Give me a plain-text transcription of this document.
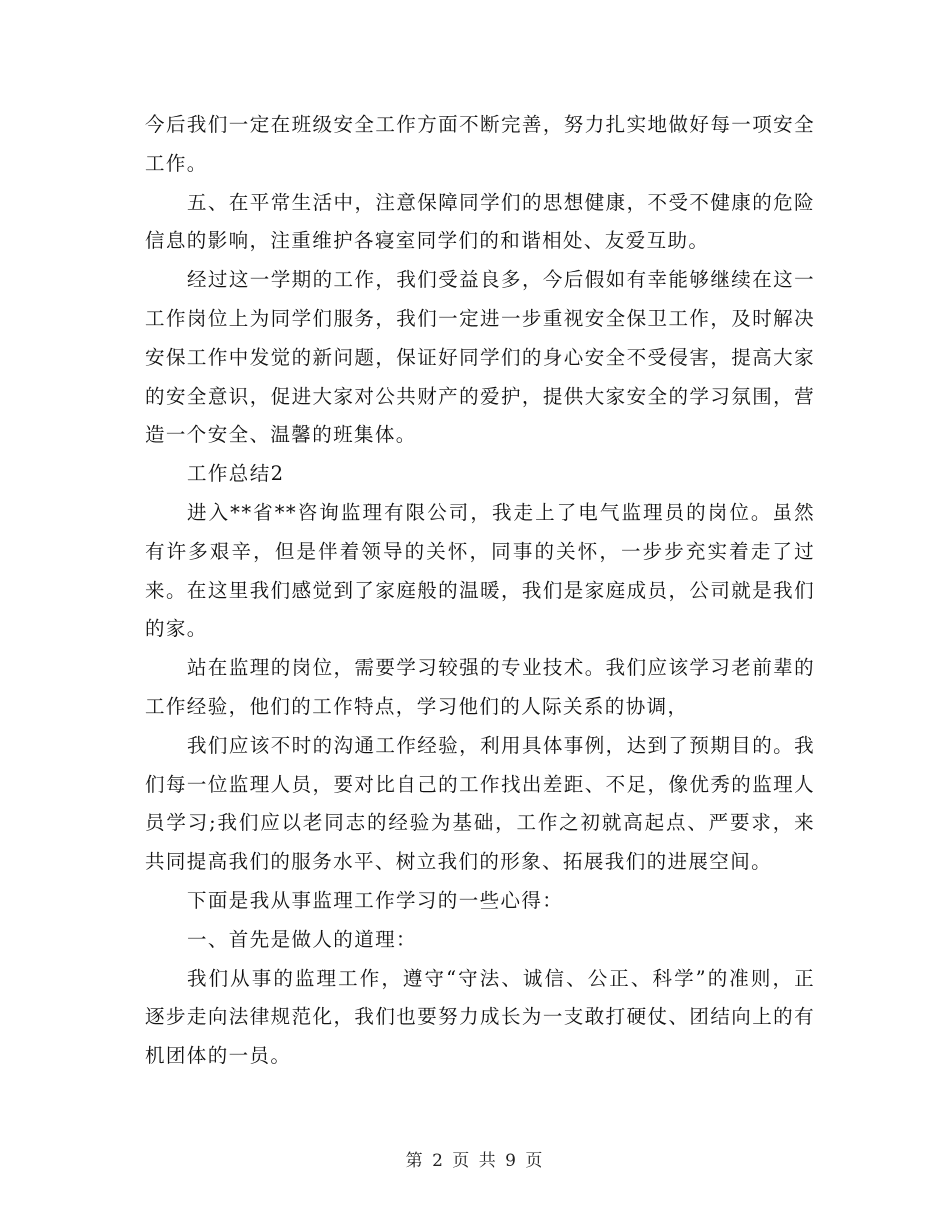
今后我们一定在班级安全工作方面不断完善，努力扎实地做好每一项安全工作。

五、在平常生活中，注意保障同学们的思想健康，不受不健康的危险信息的影响，注重维护各寝室同学们的和谐相处、友爱互助。

经过这一学期的工作，我们受益良多，今后假如有幸能够继续在这一工作岗位上为同学们服务，我们一定进一步重视安全保卫工作，及时解决安保工作中发觉的新问题，保证好同学们的身心安全不受侵害，提高大家的安全意识，促进大家对公共财产的爱护，提供大家安全的学习氛围，营造一个安全、温馨的班集体。

工作总结2

进入**省**咨询监理有限公司，我走上了电气监理员的岗位。虽然有许多艰辛，但是伴着领导的关怀，同事的关怀，一步步充实着走了过来。在这里我们感觉到了家庭般的温暖，我们是家庭成员，公司就是我们的家。

站在监理的岗位，需要学习较强的专业技术。我们应该学习老前辈的工作经验，他们的工作特点，学习他们的人际关系的协调，

我们应该不时的沟通工作经验，利用具体事例，达到了预期目的。我们每一位监理人员，要对比自己的工作找出差距、不足，像优秀的监理人员学习;我们应以老同志的经验为基础，工作之初就高起点、严要求，来共同提高我们的服务水平、树立我们的形象、拓展我们的进展空间。

下面是我从事监理工作学习的一些心得：

一、首先是做人的道理：

我们从事的监理工作，遵守“守法、诚信、公正、科学”的准则，正逐步走向法律规范化，我们也要努力成长为一支敢打硬仗、团结向上的有机团体的一员。

第 2 页 共 9 页
